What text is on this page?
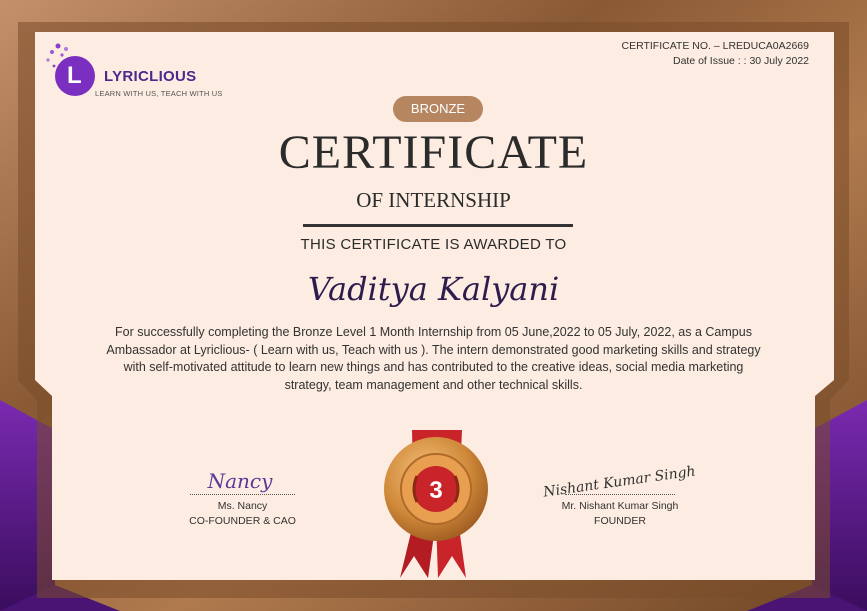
3
Nancy	Nishant Kumar Singh
LYRICLIOUS
LEARN WITH US, TEACH WITH US
L
CERTIFICATE NO. – LREDUCA0A2669
Date of Issue : : 30 July 2022
BRONZE
CERTIFICATE
OF INTERNSHIP
THIS CERTIFICATE IS AWARDED TO
Vaditya Kalyani
For successfully completing the Bronze Level 1 Month Internship from 05 June,2022 to 05 July, 2022, as a Campus Ambassador at Lyriclious- ( Learn with us, Teach with us ). The intern demonstrated good marketing skills and strategy with self-motivated attitude to learn new things and has contributed to the creative ideas, social media marketing strategy, team management and other technical skills.
Ms. Nancy
CO-FOUNDER & CAO
Mr. Nishant Kumar Singh
FOUNDER
